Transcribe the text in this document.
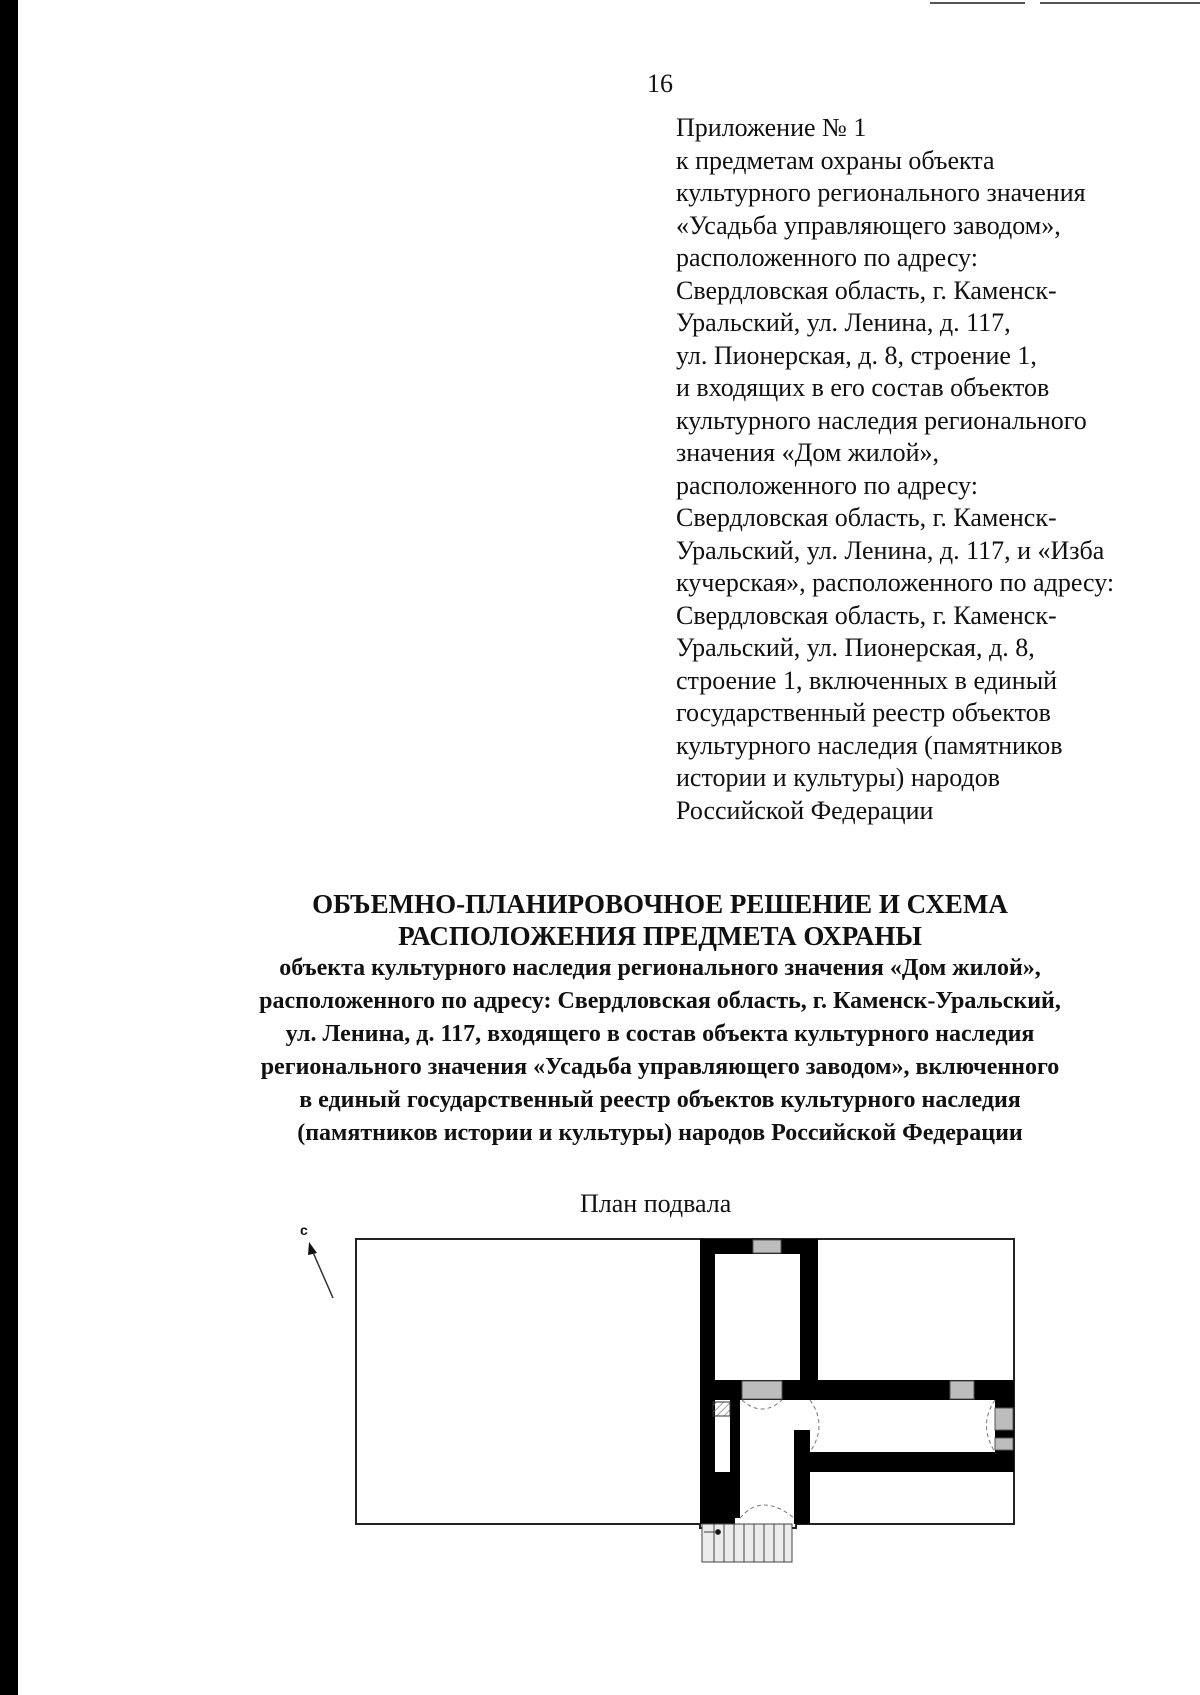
16

Приложение № 1
к предметам охраны объекта
культурного регионального значения
«Усадьба управляющего заводом»,
расположенного по адресу:
Свердловская область, г. Каменск-
Уральский, ул. Ленина, д. 117,
ул. Пионерская, д. 8, строение 1,
и входящих в его состав объектов
культурного наследия регионального
значения «Дом жилой»,
расположенного по адресу:
Свердловская область, г. Каменск-
Уральский, ул. Ленина, д. 117, и «Изба
кучерская», расположенного по адресу:
Свердловская область, г. Каменск-
Уральский, ул. Пионерская, д. 8,
строение 1, включенных в единый
государственный реестр объектов
культурного наследия (памятников
истории и культуры) народов
Российской Федерации
ОБЪЕМНО-ПЛАНИРОВОЧНОЕ РЕШЕНИЕ И СХЕМА
РАСПОЛОЖЕНИЯ ПРЕДМЕТА ОХРАНЫ
объекта культурного наследия регионального значения «Дом жилой»,
расположенного по адресу: Свердловская область, г. Каменск-Уральский,
ул. Ленина, д. 117, входящего в состав объекта культурного наследия
регионального значения «Усадьба управляющего заводом», включенного
в единый государственный реестр объектов культурного наследия
(памятников истории и культуры) народов Российской Федерации

План подвала

с
